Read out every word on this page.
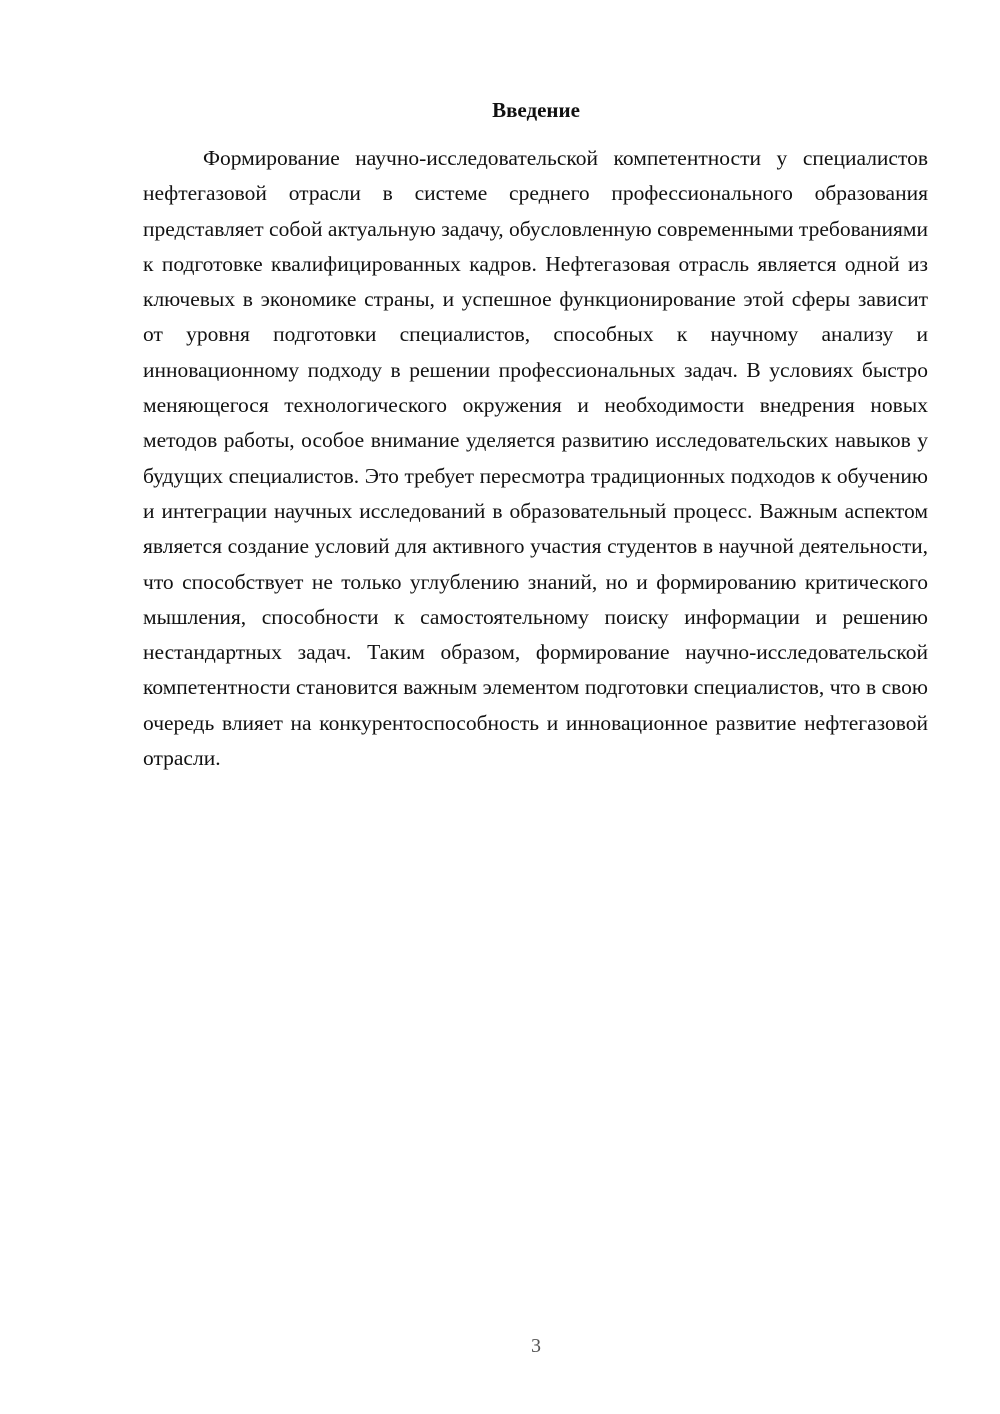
Введение

Формирование научно-исследовательской компетентности у специалистов нефтегазовой отрасли в системе среднего профессионального образования представляет собой актуальную задачу, обусловленную современными требованиями к подготовке квалифицированных кадров. Нефтегазовая отрасль является одной из ключевых в экономике страны, и успешное функционирование этой сферы зависит от уровня подготовки специалистов, способных к научному анализу и инновационному подходу в решении профессиональных задач. В условиях быстро меняющегося технологического окружения и необходимости внедрения новых методов работы, особое внимание уделяется развитию исследовательских навыков у будущих специалистов. Это требует пересмотра традиционных подходов к обучению и интеграции научных исследований в образовательный процесс. Важным аспектом является создание условий для активного участия студентов в научной деятельности, что способствует не только углублению знаний, но и формированию критического мышления, способности к самостоятельному поиску информации и решению нестандартных задач. Таким образом, формирование научно-исследовательской компетентности становится важным элементом подготовки специалистов, что в свою очередь влияет на конкурентоспособность и инновационное развитие нефтегазовой отрасли.

3
